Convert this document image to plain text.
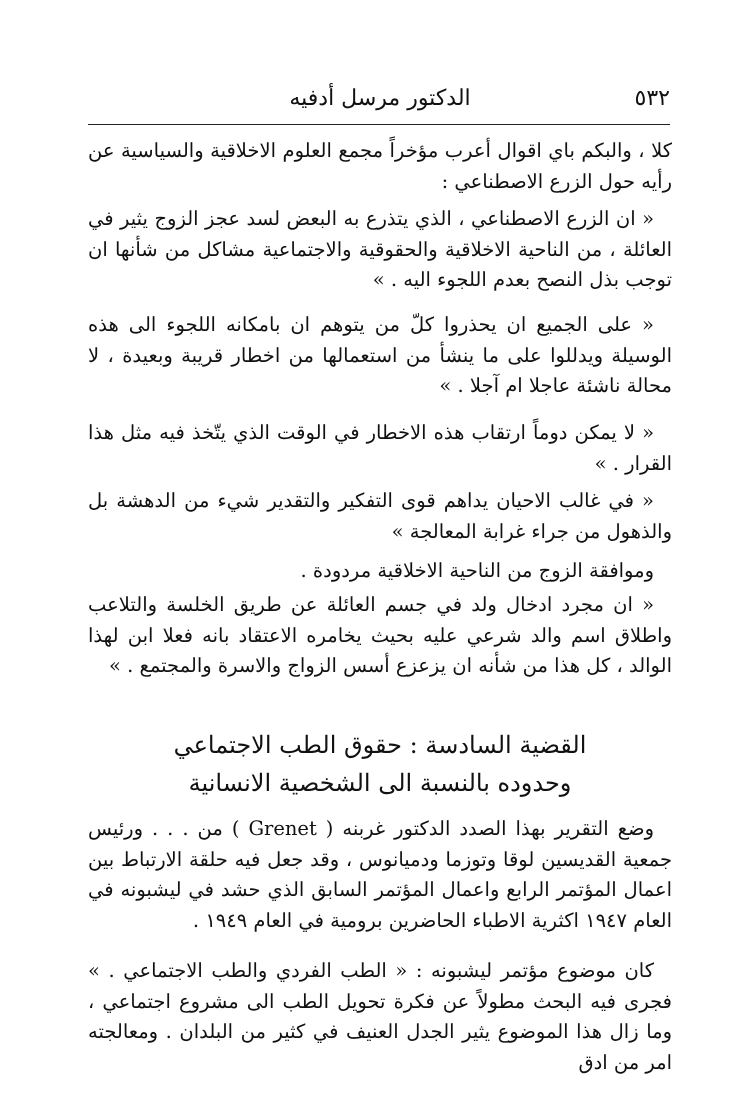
٥٣٢
الدكتور مرسل أدفيه

كلا ، والبكم باي اقوال أعرب مؤخراً مجمع العلوم الاخلاقية والسياسية عن رأيه حول الزرع الاصطناعي :

« ان الزرع الاصطناعي ، الذي يتذرع به البعض لسد عجز الزوج يثير في العائلة ، من الناحية الاخلاقية والحقوقية والاجتماعية مشاكل من شأنها ان توجب بذل النصح بعدم اللجوء اليه . »

« على الجميع ان يحذروا كلّ من يتوهم ان بامكانه اللجوء الى هذه الوسيلة ويدللوا على ما ينشأ من استعمالها من اخطار قريبة وبعيدة ، لا محالة ناشئة عاجلا ام آجلا . »

« لا يمكن دوماً ارتقاب هذه الاخطار في الوقت الذي يتّخذ فيه مثل هذا القرار . »

« في غالب الاحيان يداهم قوى التفكير والتقدير شيء من الدهشة بل والذهول من جراء غرابة المعالجة »

وموافقة الزوج من الناحية الاخلاقية مردودة .

« ان مجرد ادخال ولد في جسم العائلة عن طريق الخلسة والتلاعب واطلاق اسم والد شرعي عليه بحيث يخامره الاعتقاد بانه فعلا ابن لهذا الوالد ، كل هذا من شأنه ان يزعزع أسس الزواج والاسرة والمجتمع . »

القضية السادسة : حقوق الطب الاجتماعي
وحدوده بالنسبة الى الشخصية الانسانية

وضع التقرير بهذا الصدد الدكتور غربنه ( Grenet ) من . . . ورئيس جمعية القديسين لوقا وتوزما ودميانوس ، وقد جعل فيه حلقة الارتباط بين اعمال المؤتمر الرابع واعمال المؤتمر السابق الذي حشد في ليشبونه في العام ١٩٤٧ اكثرية الاطباء الحاضرين برومية في العام ١٩٤٩ .

كان موضوع مؤتمر ليشبونه : « الطب الفردي والطب الاجتماعي . » فجرى فيه البحث مطولاً عن فكرة تحويل الطب الى مشروع اجتماعي ، وما زال هذا الموضوع يثير الجدل العنيف في كثير من البلدان . ومعالجته امر من ادق
